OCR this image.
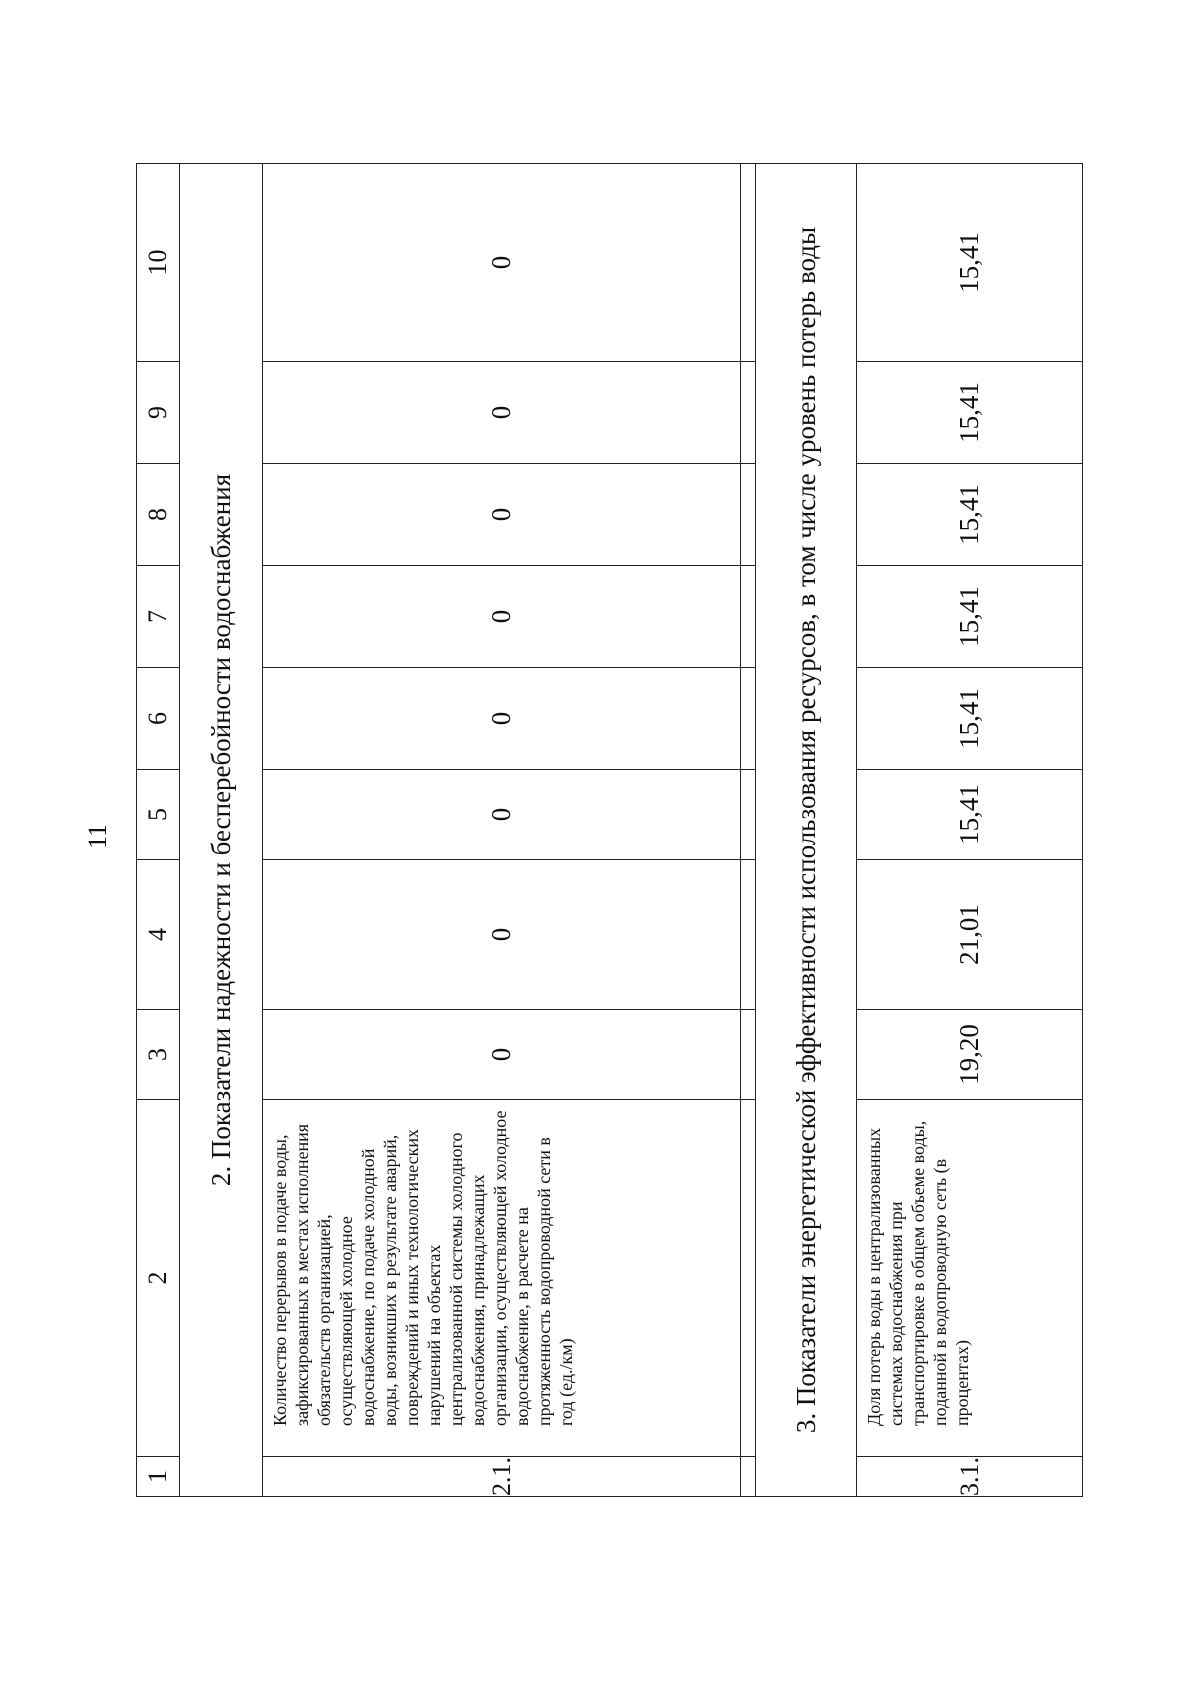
11
1	2	3	4	5	6	7	8	9	10
2. Показатели надежности и бесперебойности водоснабжения									
2.1.	Количество перерывов в подаче воды, зафиксированных в местах исполнения обязательств организацией, осуществляющей холодное водоснабжение, по подаче холодной воды, возникших в результате аварий, повреждений и иных технологических нарушений на объектах централизованной системы холодного водоснабжения, принадлежащих организации, осуществляющей холодное водоснабжение, в расчете на протяженность водопроводной сети в год (ед./км)	0	0	0	0	0	0	0	0

3. Показатели энергетической эффективности использования ресурсов, в том числе уровень потерь воды									
3.1.	Доля потерь воды в централизованных системах водоснабжения при транспортировке в общем объеме воды, поданной в водопроводную сеть (в процентах)	19,20	21,01	15,41	15,41	15,41	15,41	15,41	15,41
